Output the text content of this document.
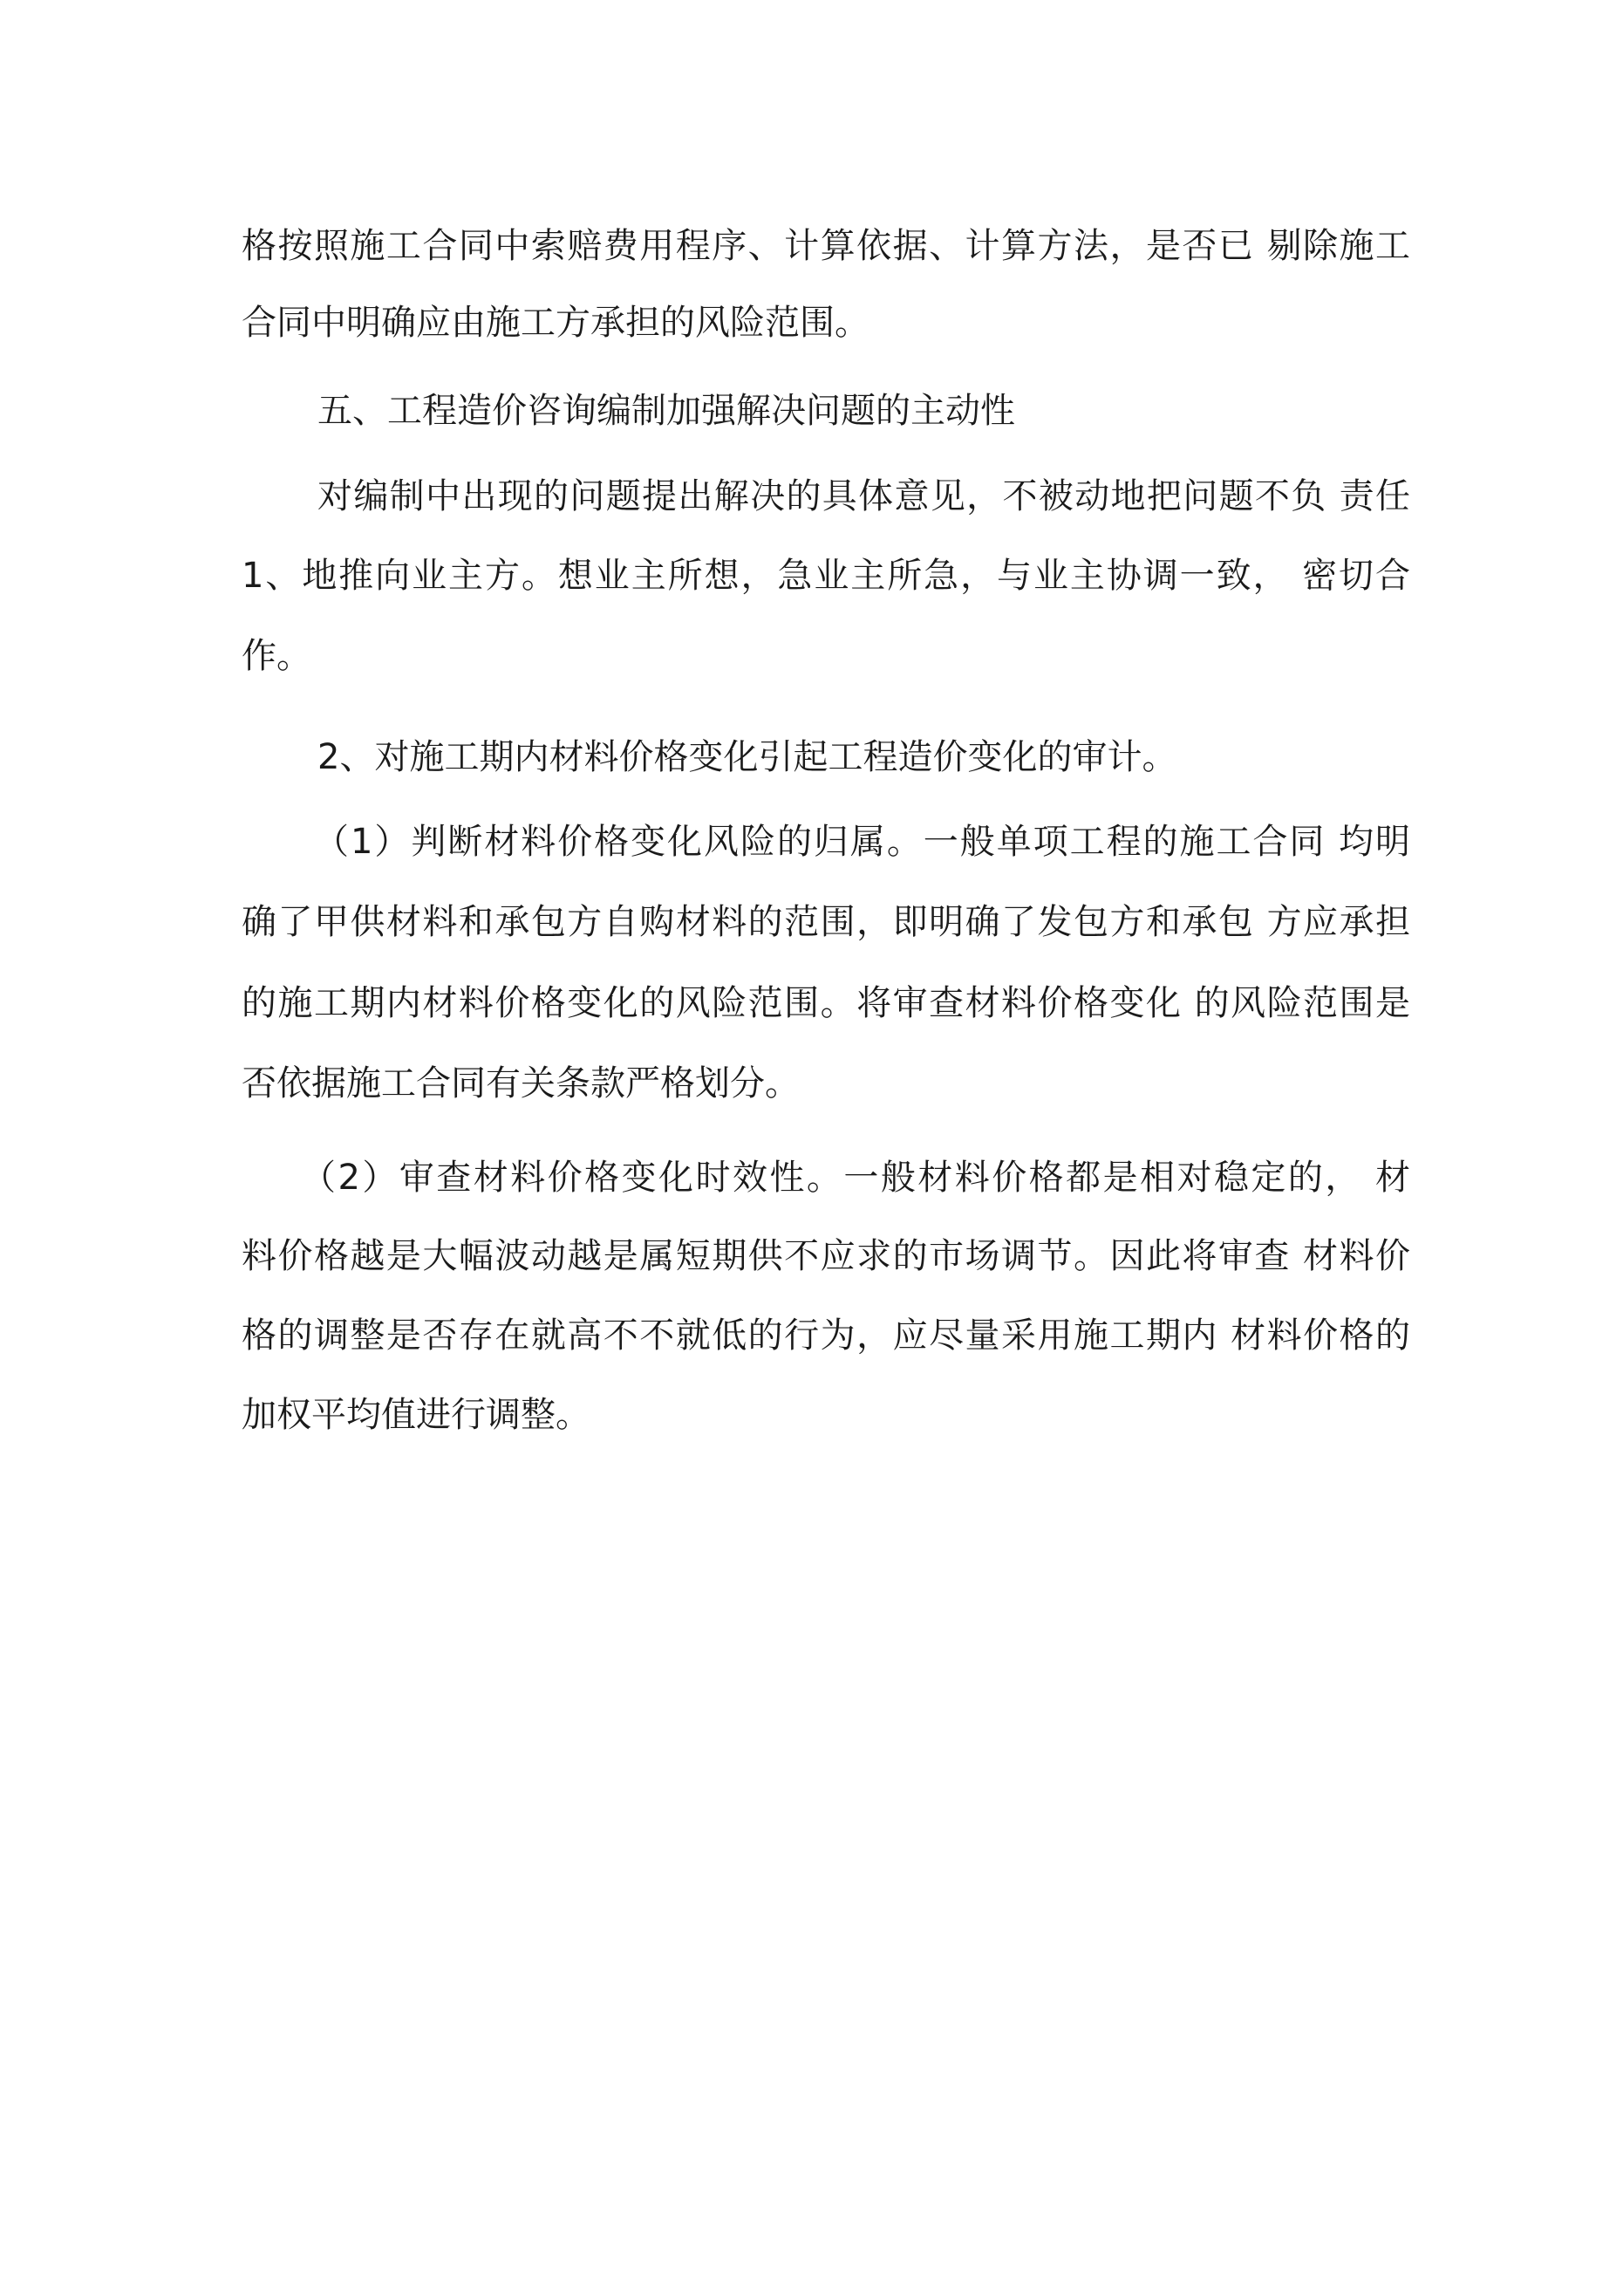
格按照施工合同中索赔费用程序、计算依据、计算方法，是否已 剔除施工
合同中明确应由施工方承担的风险范围。
五、工程造价咨询编制加强解决问题的主动性
对编制中出现的问题提出解决的具体意见，不被动地把问题不负 责任
1、地推向业主方。想业主所想，急业主所急，与业主协调一致， 密切合
作。
2、对施工期内材料价格变化引起工程造价变化的审计。
（1）判断材料价格变化风险的归属。一般单项工程的施工合同 均明
确了甲供材料和承包方自购材料的范围，即明确了发包方和承包 方应承担
的施工期内材料价格变化的风险范围。将审查材料价格变化 的风险范围是
否依据施工合同有关条款严格划分。
（2）审查材料价格变化时效性。一般材料价格都是相对稳定的， 材
料价格越是大幅波动越是属短期供不应求的市场调节。因此将审查 材料价
格的调整是否存在就高不不就低的行为，应尽量采用施工期内 材料价格的
加权平均值进行调整。
